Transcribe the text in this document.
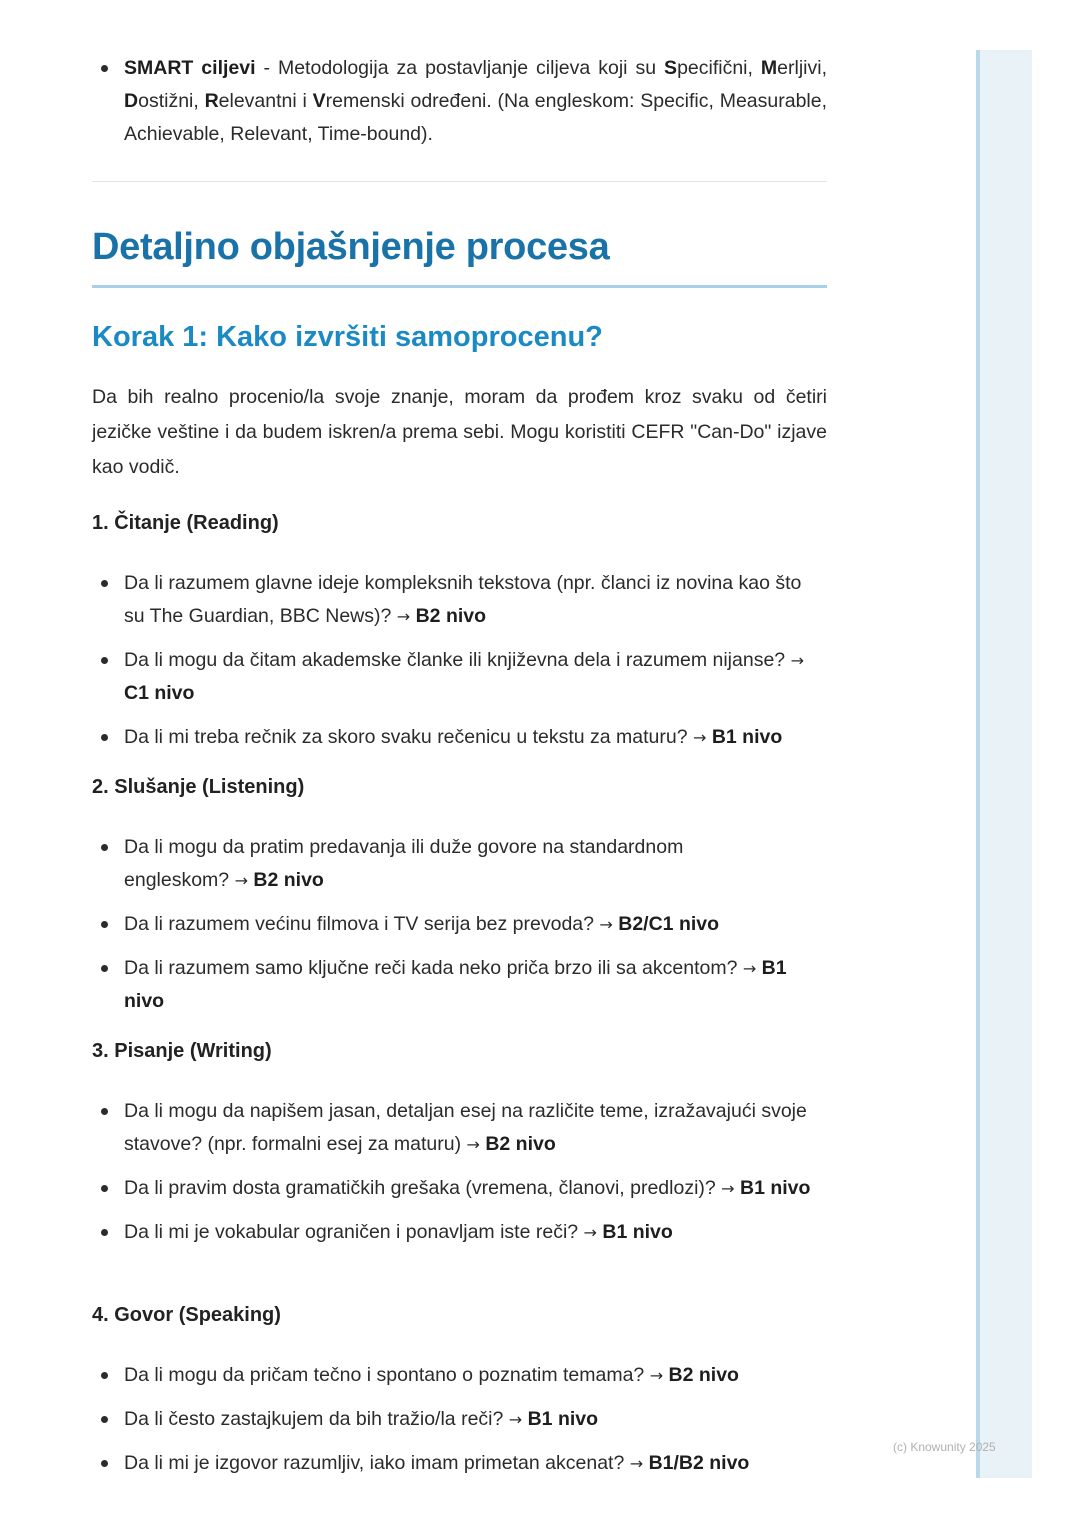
(c) Knowunity 2025
SMART ciljevi - Metodologija za postavljanje ciljeva koji su Specifični, Merljivi, Dostižni, Relevantni i Vremenski određeni. (Na engleskom: Specific, Measurable, Achievable, Relevant, Time-bound).
Detaljno objašnjenje procesa
Korak 1: Kako izvršiti samoprocenu?

Da bih realno procenio/la svoje znanje, moram da prođem kroz svaku od četiri jezičke veštine i da budem iskren/a prema sebi. Mogu koristiti CEFR "Can-Do" izjave kao vodič.

1. Čitanje (Reading)
Da li razumem glavne ideje kompleksnih tekstova (npr. članci iz novina kao što su The Guardian, BBC News)? → B2 nivo
Da li mogu da čitam akademske članke ili književna dela i razumem nijanse? → C1 nivo
Da li mi treba rečnik za skoro svaku rečenicu u tekstu za maturu? → B1 nivo
2. Slušanje (Listening)
Da li mogu da pratim predavanja ili duže govore na standardnom engleskom? → B2 nivo
Da li razumem većinu filmova i TV serija bez prevoda? → B2/C1 nivo
Da li razumem samo ključne reči kada neko priča brzo ili sa akcentom? → B1 nivo
3. Pisanje (Writing)
Da li mogu da napišem jasan, detaljan esej na različite teme, izražavajući svoje stavove? (npr. formalni esej za maturu) → B2 nivo
Da li pravim dosta gramatičkih grešaka (vremena, članovi, predlozi)? → B1 nivo
Da li mi je vokabular ograničen i ponavljam iste reči? → B1 nivo
4. Govor (Speaking)
Da li mogu da pričam tečno i spontano o poznatim temama? → B2 nivo
Da li često zastajkujem da bih tražio/la reči? → B1 nivo
Da li mi je izgovor razumljiv, iako imam primetan akcenat? → B1/B2 nivo
